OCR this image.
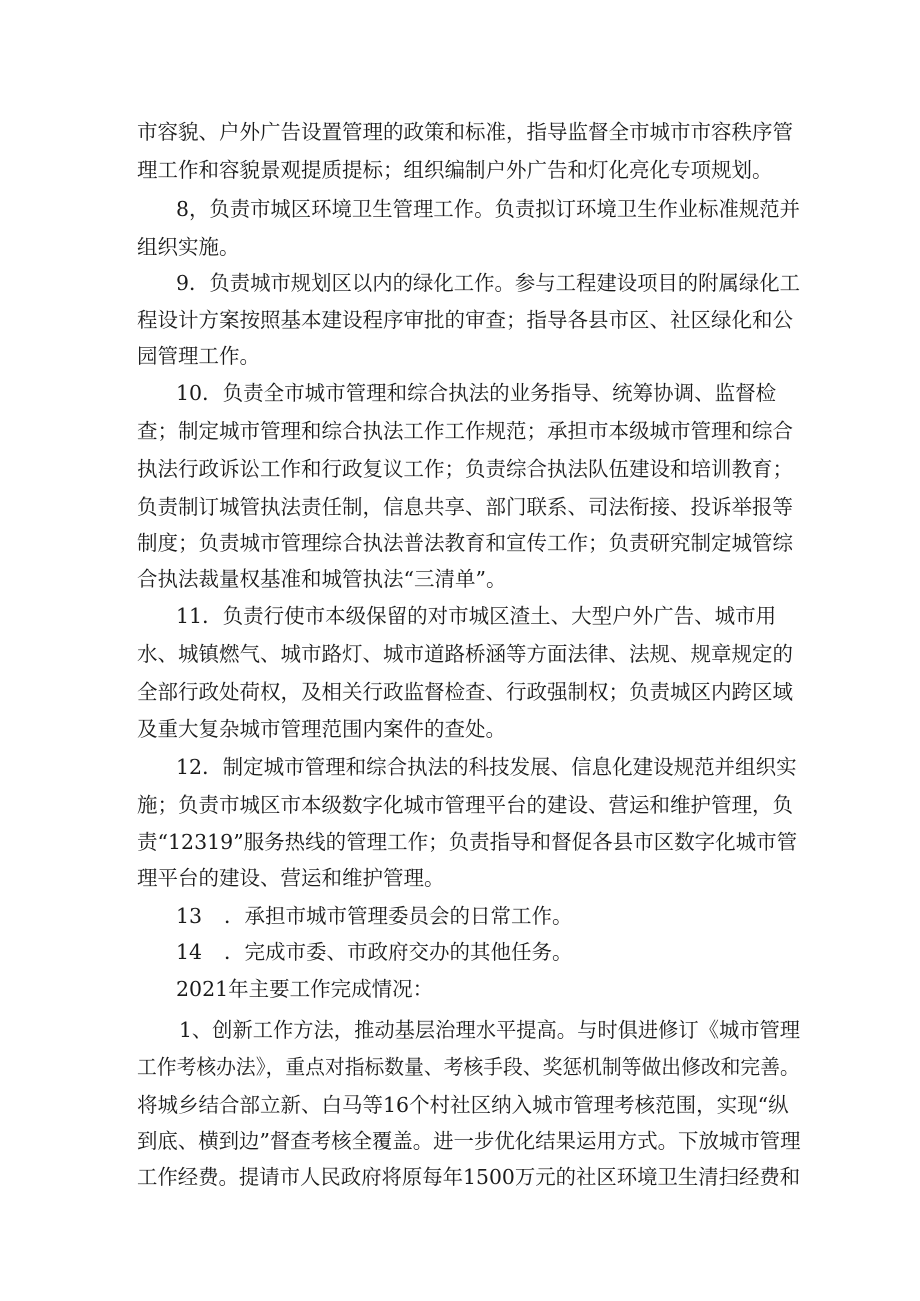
市容貌、户外广告设置管理的政策和标准，指导监督全市城市市容秩序管
理工作和容貌景观提质提标；组织编制户外广告和灯化亮化专项规划。
8，负责市城区环境卫生管理工作。负责拟订环境卫生作业标准规范并
组织实施。
9．负责城市规划区以内的绿化工作。参与工程建设项目的附属绿化工
程设计方案按照基本建设程序审批的审查；指导各县市区、社区绿化和公
园管理工作。
10．负责全市城市管理和综合执法的业务指导、统筹协调、监督检
查；制定城市管理和综合执法工作工作规范；承担市本级城市管理和综合
执法行政诉讼工作和行政复议工作；负责综合执法队伍建设和培训教育；
负责制订城管执法责任制，信息共享、部门联系、司法衔接、投诉举报等
制度；负责城市管理综合执法普法教育和宣传工作；负责研究制定城管综
合执法裁量权基准和城管执法“三清单”。
11．负责行使市本级保留的对市城区渣土、大型户外广告、城市用
水、城镇燃气、城市路灯、城市道路桥涵等方面法律、法规、规章规定的
全部行政处荷权，及相关行政监督检查、行政强制权；负责城区内跨区域
及重大复杂城市管理范围内案件的查处。
12．制定城市管理和综合执法的科技发展、信息化建设规范并组织实
施；负责市城区市本级数字化城市管理平台的建设、营运和维护管理，负
责“12319”服务热线的管理工作；负责指导和督促各县市区数字化城市管
理平台的建设、营运和维护管理。
13 ．承担市城市管理委员会的日常工作。
14 ．完成市委、市政府交办的其他任务。
2021年主要工作完成情况：
1、创新工作方法，推动基层治理水平提高。与时俱进修订《城市管理
工作考核办法》，重点对指标数量、考核手段、奖惩机制等做出修改和完善。
将城乡结合部立新、白马等16个村社区纳入城市管理考核范围，实现“纵
到底、横到边”督查考核全覆盖。进一步优化结果运用方式。下放城市管理
工作经费。提请市人民政府将原每年1500万元的社区环境卫生清扫经费和
